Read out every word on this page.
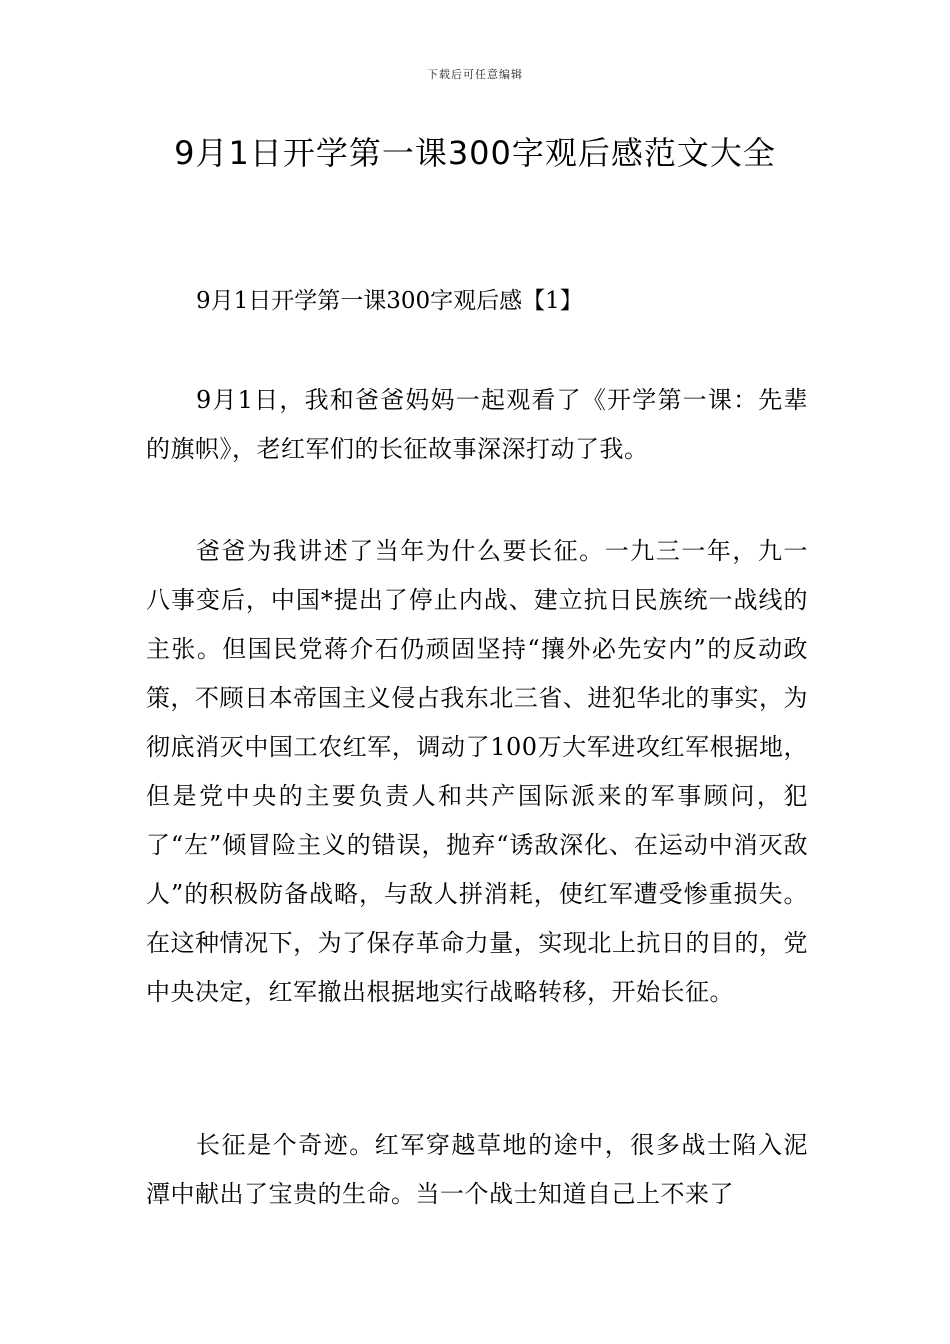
下载后可任意编辑
9月1日开学第一课300字观后感范文大全
9月1日开学第一课300字观后感【1】

9月1日，我和爸爸妈妈一起观看了《开学第一课：先辈的旗帜》，老红军们的长征故事深深打动了我。

爸爸为我讲述了当年为什么要长征。一九三一年，九一八事变后，中国*提出了停止内战、建立抗日民族统一战线的主张。但国民党蒋介石仍顽固坚持“攘外必先安内”的反动政策，不顾日本帝国主义侵占我东北三省、进犯华北的事实，为彻底消灭中国工农红军，调动了100万大军进攻红军根据地，但是党中央的主要负责人和共产国际派来的军事顾问，犯了“左”倾冒险主义的错误，抛弃“诱敌深化、在运动中消灭敌人”的积极防备战略，与敌人拼消耗，使红军遭受惨重损失。在这种情况下，为了保存革命力量，实现北上抗日的目的，党中央决定，红军撤出根据地实行战略转移，开始长征。

长征是个奇迹。红军穿越草地的途中，很多战士陷入泥潭中献出了宝贵的生命。当一个战士知道自己上不来了
